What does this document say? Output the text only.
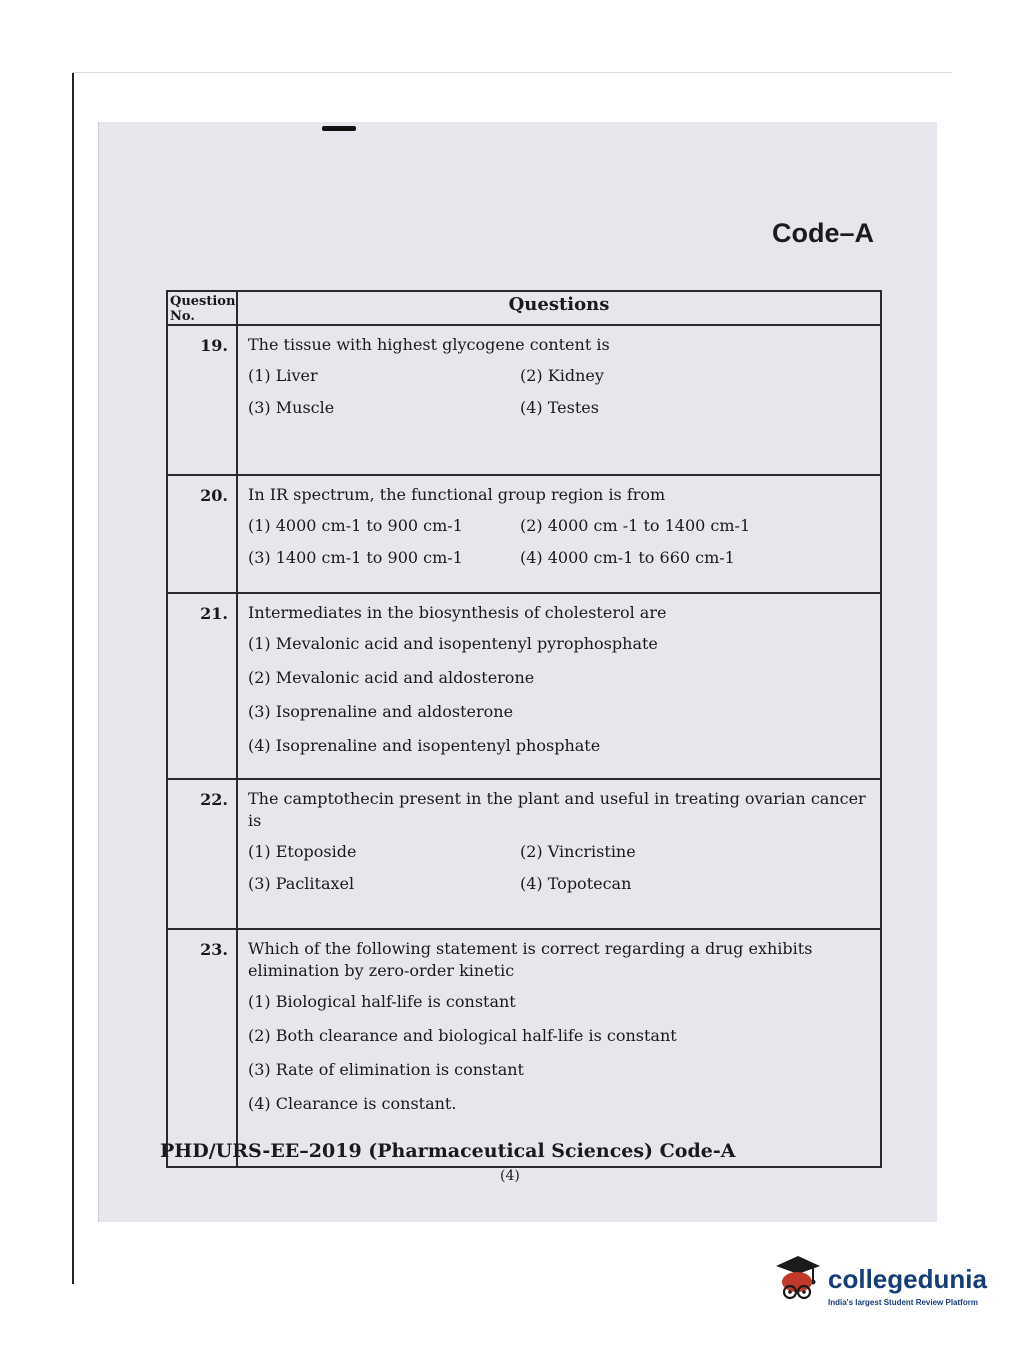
Code–A
Question No.	Questions
19.	The tissue with highest glycogene content is
(1) Liver (2) Kidney
(3) Muscle (4) Testes

20.	In IR spectrum, the functional group region is from
(1) 4000 cm-1 to 900 cm-1 (2) 4000 cm -1 to 1400 cm-1
(3) 1400 cm-1 to 900 cm-1 (4) 4000 cm-1 to 660 cm-1

21.	Intermediates in the biosynthesis of cholesterol are
(1) Mevalonic acid and isopentenyl pyrophosphate
(2) Mevalonic acid and aldosterone
(3) Isoprenaline and aldosterone
(4) Isoprenaline and isopentenyl phosphate

22.	The camptothecin present in the plant and useful in treating ovarian cancer is
(1) Etoposide (2) Vincristine
(3) Paclitaxel (4) Topotecan

23.	Which of the following statement is correct regarding a drug exhibits elimination by zero-order kinetic
(1) Biological half-life is constant
(2) Both clearance and biological half-life is constant
(3) Rate of elimination is constant
(4) Clearance is constant.
PHD/URS-EE–2019 (Pharmaceutical Sciences) Code-A
(4)
collegedunia
India's largest Student Review Platform
